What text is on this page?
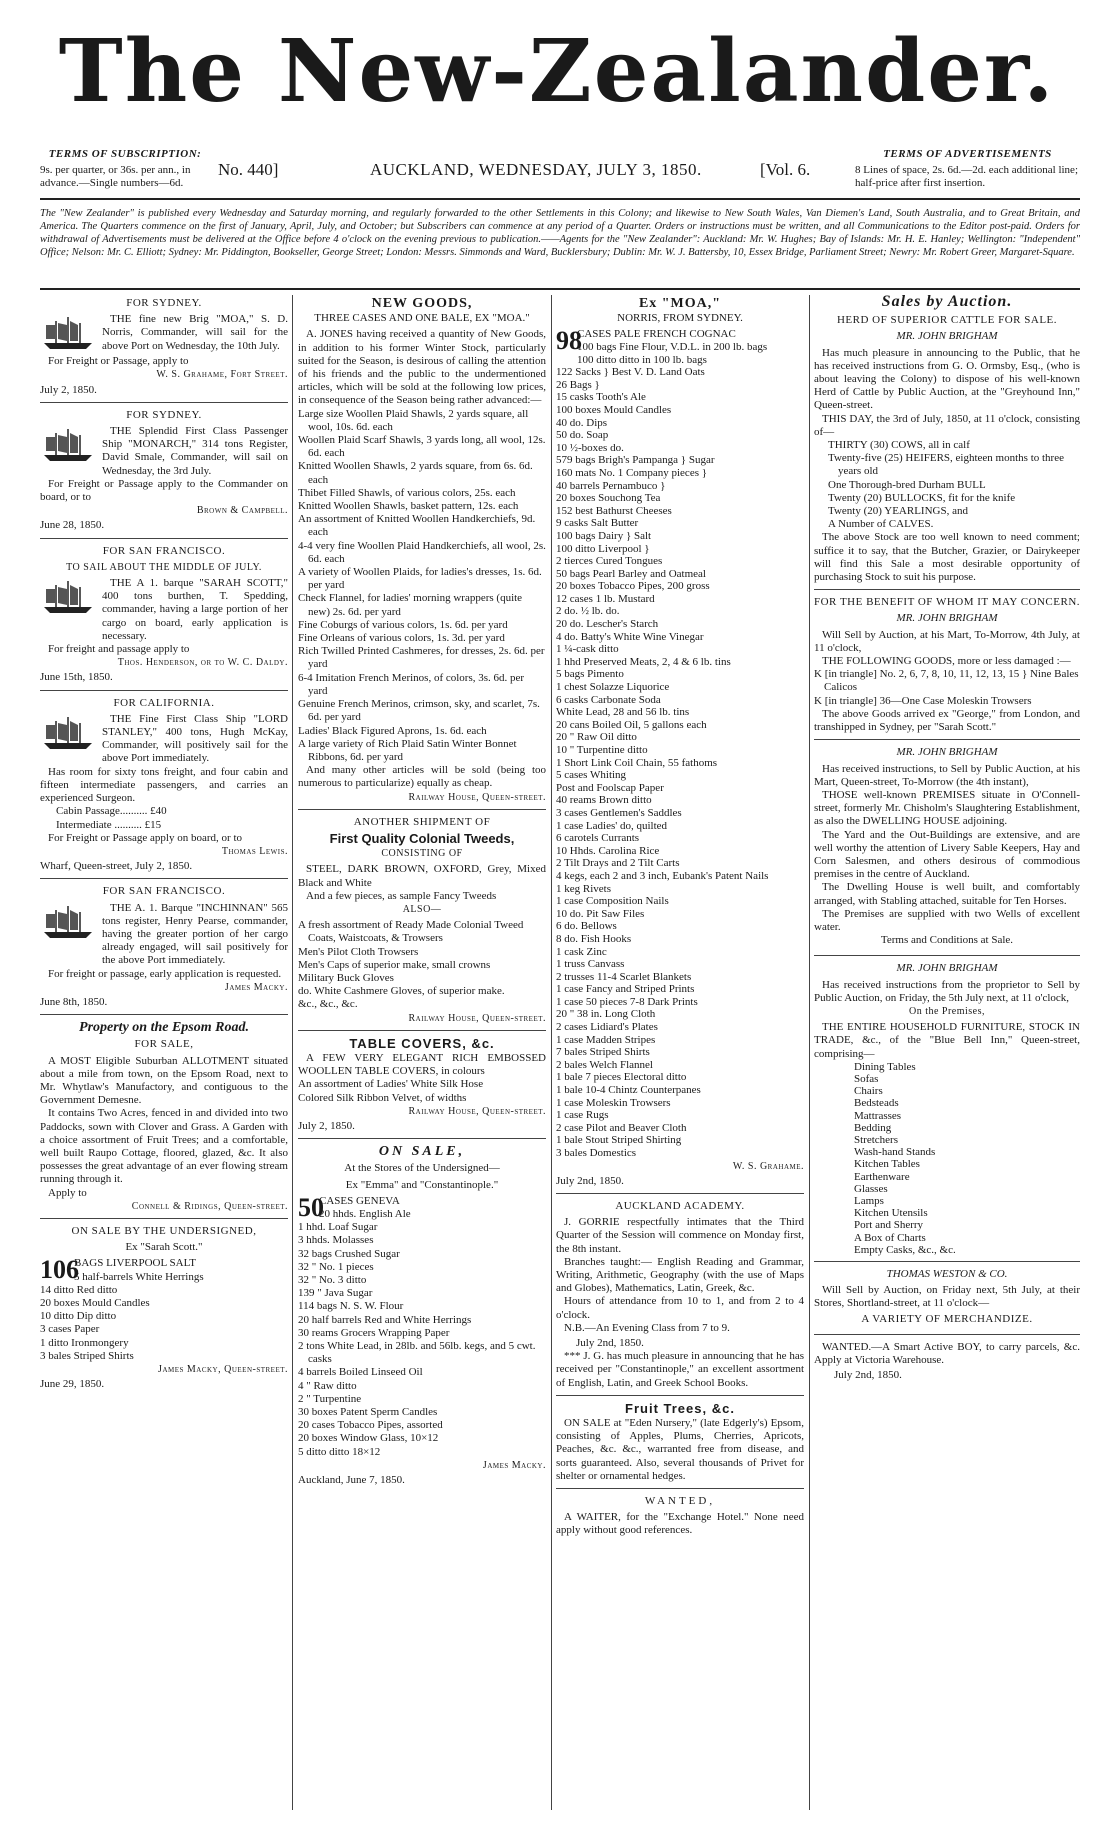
The New-Zealander.
TERMS OF SUBSCRIPTION:
9s. per quarter, or 36s. per ann., in advance.—Single numbers—6d.
No. 440]	AUCKLAND, WEDNESDAY, JULY 3, 1850.	[Vol. 6.
TERMS OF ADVERTISEMENTS
8 Lines of space, 2s. 6d.—2d. each additional line; half-price after first insertion.
The "New Zealander" is published every Wednesday and Saturday morning, and regularly forwarded to the other Settlements in this Colony; and likewise to New South Wales, Van Diemen's Land, South Australia, and to Great Britain, and America. The Quarters commence on the first of January, April, July, and October; but Subscribers can commence at any period of a Quarter. Orders or instructions must be written, and all Communications to the Editor post-paid. Orders for withdrawal of Advertisements must be delivered at the Office before 4 o'clock on the evening previous to publication.——Agents for the "New Zealander": Auckland: Mr. W. Hughes; Bay of Islands: Mr. H. E. Hanley; Wellington: "Independent" Office; Nelson: Mr. C. Elliott; Sydney: Mr. Piddington, Bookseller, George Street; London: Messrs. Simmonds and Ward, Bucklersbury; Dublin: Mr. W. J. Battersby, 10, Essex Bridge, Parliament Street; Newry: Mr. Robert Greer, Margaret-Square.
FOR SYDNEY.
THE fine new Brig "MOA," S. D. Norris, Commander, will sail for the above Port on Wednesday, the 10th July.
For Freight or Passage, apply to
W. S. Grahame, Fort Street.
July 2, 1850.
FOR SYDNEY.
THE Splendid First Class Passenger Ship "MONARCH," 314 tons Register, David Smale, Commander, will sail on Wednesday, the 3rd July.
For Freight or Passage apply to the Commander on board, or to
Brown & Campbell.
June 28, 1850.
FOR SAN FRANCISCO.
TO SAIL ABOUT THE MIDDLE OF JULY.
THE A 1. barque "SARAH SCOTT," 400 tons burthen, T. Spedding, commander, having a large portion of her cargo on board, early application is necessary.
For freight and passage apply to
Thos. Henderson, or to W. C. Daldy.
June 15th, 1850.
FOR CALIFORNIA.
THE Fine First Class Ship "LORD STANLEY," 400 tons, Hugh McKay, Commander, will positively sail for the above Port immediately.
Has room for sixty tons freight, and four cabin and fifteen intermediate passengers, and carries an experienced Surgeon.
Cabin Passage.......... £40
Intermediate .......... £15
For Freight or Passage apply on board, or to
Thomas Lewis.
Wharf, Queen-street, July 2, 1850.
FOR SAN FRANCISCO.
THE A. 1. Barque "INCHINNAN" 565 tons register, Henry Pearse, commander, having the greater portion of her cargo already engaged, will sail positively for the above Port immediately.
For freight or passage, early application is requested.
James Macky.
June 8th, 1850.
Property on the Epsom Road.
FOR SALE,
A MOST Eligible Suburban ALLOTMENT situated about a mile from town, on the Epsom Road, next to Mr. Whytlaw's Manufactory, and contiguous to the Government Demesne.
It contains Two Acres, fenced in and divided into two Paddocks, sown with Clover and Grass. A Garden with a choice assortment of Fruit Trees; and a comfortable, well built Raupo Cottage, floored, glazed, &c. It also possesses the great advantage of an ever flowing stream running through it.
Apply to
Connell & Ridings, Queen-street.
ON SALE BY THE UNDERSIGNED,
Ex "Sarah Scott."
106
BAGS LIVERPOOL SALT
5 half-barrels White Herrings
14 ditto Red ditto
20 boxes Mould Candles
10 ditto Dip ditto
3 cases Paper
1 ditto Ironmongery
3 bales Striped Shirts
James Macky, Queen-street.
June 29, 1850.
NEW GOODS,
THREE CASES AND ONE BALE, EX "MOA."
A. JONES having received a quantity of New Goods, in addition to his former Winter Stock, particularly suited for the Season, is desirous of calling the attention of his friends and the public to the undermentioned articles, which will be sold at the following low prices, in consequence of the Season being rather advanced:—
Large size Woollen Plaid Shawls, 2 yards square, all wool, 10s. 6d. each
Woollen Plaid Scarf Shawls, 3 yards long, all wool, 12s. 6d. each
Knitted Woollen Shawls, 2 yards square, from 6s. 6d. each
Thibet Filled Shawls, of various colors, 25s. each
Knitted Woollen Shawls, basket pattern, 12s. each
An assortment of Knitted Woollen Handkerchiefs, 9d. each
4-4 very fine Woollen Plaid Handkerchiefs, all wool, 2s. 6d. each
A variety of Woollen Plaids, for ladies's dresses, 1s. 6d. per yard
Check Flannel, for ladies' morning wrappers (quite new) 2s. 6d. per yard
Fine Coburgs of various colors, 1s. 6d. per yard
Fine Orleans of various colors, 1s. 3d. per yard
Rich Twilled Printed Cashmeres, for dresses, 2s. 6d. per yard
6-4 Imitation French Merinos, of colors, 3s. 6d. per yard
Genuine French Merinos, crimson, sky, and scarlet, 7s. 6d. per yard
Ladies' Black Figured Aprons, 1s. 6d. each
A large variety of Rich Plaid Satin Winter Bonnet Ribbons, 6d. per yard
And many other articles will be sold (being too numerous to particularize) equally as cheap.
Railway House, Queen-street.
ANOTHER SHIPMENT OF
First Quality Colonial Tweeds,
CONSISTING OF
STEEL, DARK BROWN, OXFORD, Grey, Mixed Black and White
And a few pieces, as sample Fancy Tweeds
ALSO—
A fresh assortment of Ready Made Colonial Tweed Coats, Waistcoats, & Trowsers
Men's Pilot Cloth Trowsers
Men's Caps of superior make, small crowns
Military Buck Gloves
do. White Cashmere Gloves, of superior make.
&c., &c., &c.
Railway House, Queen-street.
TABLE COVERS, &c.
A FEW VERY ELEGANT RICH EMBOSSED WOOLLEN TABLE COVERS, in colours
An assortment of Ladies' White Silk Hose
Colored Silk Ribbon Velvet, of widths
Railway House, Queen-street.
July 2, 1850.
ON SALE,
At the Stores of the Undersigned—
Ex "Emma" and "Constantinople."
50
CASES GENEVA
20 hhds. English Ale
1 hhd. Loaf Sugar
3 hhds. Molasses
32 bags Crushed Sugar
32 " No. 1 pieces
32 " No. 3 ditto
139 " Java Sugar
114 bags N. S. W. Flour
20 half barrels Red and White Herrings
30 reams Grocers Wrapping Paper
2 tons White Lead, in 28lb. and 56lb. kegs, and 5 cwt. casks
4 barrels Boiled Linseed Oil
4 " Raw ditto
2 " Turpentine
30 boxes Patent Sperm Candles
20 cases Tobacco Pipes, assorted
20 boxes Window Glass, 10×12
5 ditto ditto 18×12
James Macky.
Auckland, June 7, 1850.
Ex "MOA,"
NORRIS, FROM SYDNEY.
98
CASES PALE FRENCH COGNAC
100 bags Fine Flour, V.D.L. in 200 lb. bags
100 ditto ditto in 100 lb. bags
122 Sacks } Best V. D. Land Oats
26 Bags }
15 casks Tooth's Ale
100 boxes Mould Candles
40 do. Dips
50 do. Soap
10 ½-boxes do.
579 bags Brigh's Pampanga } Sugar
160 mats No. 1 Company pieces }
40 barrels Pernambuco }
20 boxes Souchong Tea
152 best Bathurst Cheeses
9 casks Salt Butter
100 bags Dairy } Salt
100 ditto Liverpool }
2 tierces Cured Tongues
50 bags Pearl Barley and Oatmeal
20 boxes Tobacco Pipes, 200 gross
12 cases 1 lb. Mustard
2 do. ½ lb. do.
20 do. Lescher's Starch
4 do. Batty's White Wine Vinegar
1 ¼-cask ditto
1 hhd Preserved Meats, 2, 4 & 6 lb. tins
5 bags Pimento
1 chest Solazze Liquorice
6 casks Carbonate Soda
White Lead, 28 and 56 lb. tins
20 cans Boiled Oil, 5 gallons each
20 " Raw Oil ditto
10 " Turpentine ditto
1 Short Link Coil Chain, 55 fathoms
5 cases Whiting
Post and Foolscap Paper
40 reams Brown ditto
3 cases Gentlemen's Saddles
1 case Ladies' do, quilted
6 carotels Currants
10 Hhds. Carolina Rice
2 Tilt Drays and 2 Tilt Carts
4 kegs, each 2 and 3 inch, Eubank's Patent Nails
1 keg Rivets
1 case Composition Nails
10 do. Pit Saw Files
6 do. Bellows
8 do. Fish Hooks
1 cask Zinc
1 truss Canvass
2 trusses 11-4 Scarlet Blankets
1 case Fancy and Striped Prints
1 case 50 pieces 7-8 Dark Prints
20 " 38 in. Long Cloth
2 cases Lidiard's Plates
1 case Madden Stripes
7 bales Striped Shirts
2 bales Welch Flannel
1 bale 7 pieces Electoral ditto
1 bale 10-4 Chintz Counterpanes
1 case Moleskin Trowsers
1 case Rugs
2 case Pilot and Beaver Cloth
1 bale Stout Striped Shirting
3 bales Domestics
W. S. Grahame.
July 2nd, 1850.
AUCKLAND ACADEMY.
J. GORRIE respectfully intimates that the Third Quarter of the Session will commence on Monday first, the 8th instant.
Branches taught:— English Reading and Grammar, Writing, Arithmetic, Geography (with the use of Maps and Globes), Mathematics, Latin, Greek, &c.
Hours of attendance from 10 to 1, and from 2 to 4 o'clock.
N.B.—An Evening Class from 7 to 9.
July 2nd, 1850.
*** J. G. has much pleasure in announcing that he has received per "Constantinople," an excellent assortment of English, Latin, and Greek School Books.
Fruit Trees, &c.
ON SALE at "Eden Nursery," (late Edgerly's) Epsom, consisting of Apples, Plums, Cherries, Apricots, Peaches, &c. &c., warranted free from disease, and sorts guaranteed. Also, several thousands of Privet for shelter or ornamental hedges.
WANTED,
A WAITER, for the "Exchange Hotel." None need apply without good references.
Sales by Auction.
HERD OF SUPERIOR CATTLE FOR SALE.
MR. JOHN BRIGHAM
Has much pleasure in announcing to the Public, that he has received instructions from G. O. Ormsby, Esq., (who is about leaving the Colony) to dispose of his well-known Herd of Cattle by Public Auction, at the "Greyhound Inn," Queen-street.
THIS DAY, the 3rd of July, 1850, at 11 o'clock, consisting of—
THIRTY (30) COWS, all in calf
Twenty-five (25) HEIFERS, eighteen months to three years old
One Thorough-bred Durham BULL
Twenty (20) BULLOCKS, fit for the knife
Twenty (20) YEARLINGS, and
A Number of CALVES.
The above Stock are too well known to need comment; suffice it to say, that the Butcher, Grazier, or Dairykeeper will find this Sale a most desirable opportunity of purchasing Stock to suit his purpose.
FOR THE BENEFIT OF WHOM IT MAY CONCERN.
MR. JOHN BRIGHAM
Will Sell by Auction, at his Mart, To-Morrow, 4th July, at 11 o'clock,
THE FOLLOWING GOODS, more or less damaged :—
K [in triangle] No. 2, 6, 7, 8, 10, 11, 12, 13, 15 } Nine Bales Calicos
K [in triangle] 36—One Case Moleskin Trowsers
The above Goods arrived ex "George," from London, and transhipped in Sydney, per "Sarah Scott."
MR. JOHN BRIGHAM
Has received instructions, to Sell by Public Auction, at his Mart, Queen-street, To-Morrow (the 4th instant),
THOSE well-known PREMISES situate in O'Connell-street, formerly Mr. Chisholm's Slaughtering Establishment, as also the DWELLING HOUSE adjoining.
The Yard and the Out-Buildings are extensive, and are well worthy the attention of Livery Sable Keepers, Hay and Corn Salesmen, and others desirous of commodious premises in the centre of Auckland.
The Dwelling House is well built, and comfortably arranged, with Stabling attached, suitable for Ten Horses.
The Premises are supplied with two Wells of excellent water.
Terms and Conditions at Sale.
MR. JOHN BRIGHAM
Has received instructions from the proprietor to Sell by Public Auction, on Friday, the 5th July next, at 11 o'clock,
On the Premises,
THE ENTIRE HOUSEHOLD FURNITURE, STOCK IN TRADE, &c., of the "Blue Bell Inn," Queen-street, comprising—
Dining Tables
Sofas
Chairs
Bedsteads
Mattrasses
Bedding
Stretchers
Wash-hand Stands
Kitchen Tables
Earthenware
Glasses
Lamps
Kitchen Utensils
Port and Sherry
A Box of Charts
Empty Casks, &c., &c.
THOMAS WESTON & CO.
Will Sell by Auction, on Friday next, 5th July, at their Stores, Shortland-street, at 11 o'clock—
A VARIETY OF MERCHANDIZE.
WANTED.—A Smart Active BOY, to carry parcels, &c. Apply at Victoria Warehouse.
July 2nd, 1850.
